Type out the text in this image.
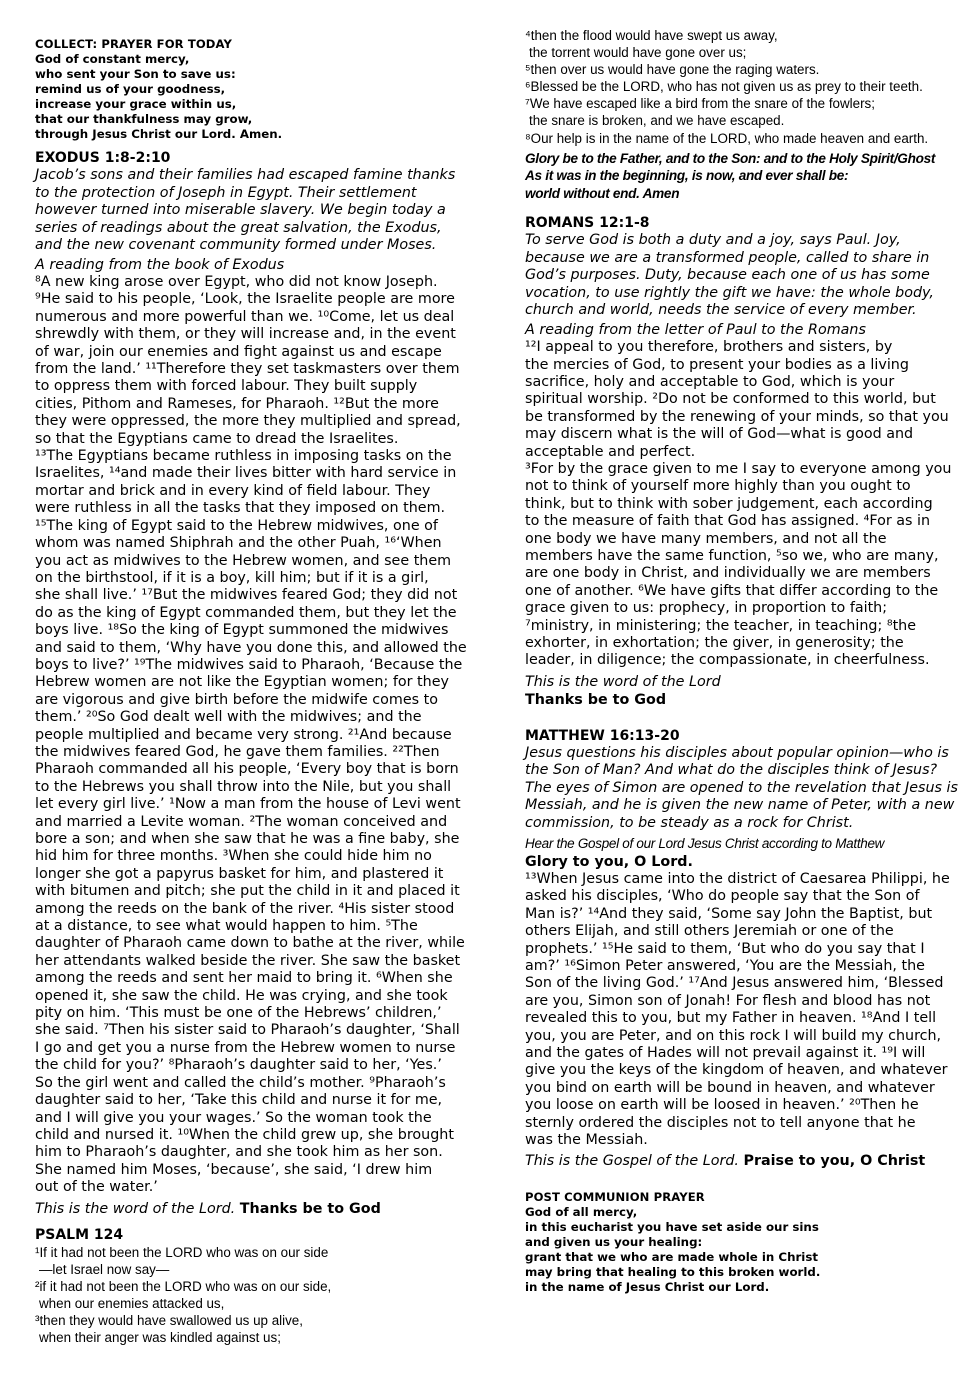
COLLECT: PRAYER FOR TODAY
God of constant mercy,
who sent your Son to save us:
remind us of your goodness,
increase your grace within us,
that our thankfulness may grow,
through Jesus Christ our Lord. Amen.
EXODUS 1:8-2:10
Jacob’s sons and their families had escaped famine thanks
to the protection of Joseph in Egypt. Their settlement
however turned into miserable slavery. We begin today a
series of readings about the great salvation, the Exodus,
and the new covenant community formed under Moses.
A reading from the book of Exodus
⁸A new king arose over Egypt, who did not know Joseph.
⁹He said to his people, ‘Look, the Israelite people are more
numerous and more powerful than we. ¹⁰Come, let us deal
shrewdly with them, or they will increase and, in the event
of war, join our enemies and fight against us and escape
from the land.’ ¹¹Therefore they set taskmasters over them
to oppress them with forced labour. They built supply
cities, Pithom and Rameses, for Pharaoh. ¹²But the more
they were oppressed, the more they multiplied and spread,
so that the Egyptians came to dread the Israelites.
¹³The Egyptians became ruthless in imposing tasks on the
Israelites, ¹⁴and made their lives bitter with hard service in
mortar and brick and in every kind of field labour. They
were ruthless in all the tasks that they imposed on them.
¹⁵The king of Egypt said to the Hebrew midwives, one of
whom was named Shiphrah and the other Puah, ¹⁶‘When
you act as midwives to the Hebrew women, and see them
on the birthstool, if it is a boy, kill him; but if it is a girl,
she shall live.’ ¹⁷But the midwives feared God; they did not
do as the king of Egypt commanded them, but they let the
boys live. ¹⁸So the king of Egypt summoned the midwives
and said to them, ‘Why have you done this, and allowed the
boys to live?’ ¹⁹The midwives said to Pharaoh, ‘Because the
Hebrew women are not like the Egyptian women; for they
are vigorous and give birth before the midwife comes to
them.’ ²⁰So God dealt well with the midwives; and the
people multiplied and became very strong. ²¹And because
the midwives feared God, he gave them families. ²²Then
Pharaoh commanded all his people, ‘Every boy that is born
to the Hebrews you shall throw into the Nile, but you shall
let every girl live.’ ¹Now a man from the house of Levi went
and married a Levite woman. ²The woman conceived and
bore a son; and when she saw that he was a fine baby, she
hid him for three months. ³When she could hide him no
longer she got a papyrus basket for him, and plastered it
with bitumen and pitch; she put the child in it and placed it
among the reeds on the bank of the river. ⁴His sister stood
at a distance, to see what would happen to him. ⁵The
daughter of Pharaoh came down to bathe at the river, while
her attendants walked beside the river. She saw the basket
among the reeds and sent her maid to bring it. ⁶When she
opened it, she saw the child. He was crying, and she took
pity on him. ‘This must be one of the Hebrews’ children,’
she said. ⁷Then his sister said to Pharaoh’s daughter, ‘Shall
I go and get you a nurse from the Hebrew women to nurse
the child for you?’ ⁸Pharaoh’s daughter said to her, ‘Yes.’
So the girl went and called the child’s mother. ⁹Pharaoh’s
daughter said to her, ‘Take this child and nurse it for me,
and I will give you your wages.’ So the woman took the
child and nursed it. ¹⁰When the child grew up, she brought
him to Pharaoh’s daughter, and she took him as her son.
She named him Moses, ‘because’, she said, ‘I drew him
out of the water.’
This is the word of the Lord. Thanks be to God
PSALM 124
¹If it had not been the LORD who was on our side
—let Israel now say—
²if it had not been the LORD who was on our side,
when our enemies attacked us,
³then they would have swallowed us up alive,
when their anger was kindled against us;
⁴then the flood would have swept us away,
the torrent would have gone over us;
⁵then over us would have gone the raging waters.
⁶Blessed be the LORD, who has not given us as prey to their teeth.
⁷We have escaped like a bird from the snare of the fowlers;
the snare is broken, and we have escaped.
⁸Our help is in the name of the LORD, who made heaven and earth.
Glory be to the Father, and to the Son: and to the Holy Spirit/Ghost
As it was in the beginning, is now, and ever shall be:
world without end. Amen
ROMANS 12:1-8
To serve God is both a duty and a joy, says Paul. Joy,
because we are a transformed people, called to share in
God’s purposes. Duty, because each one of us has some
vocation, to use rightly the gift we have: the whole body,
church and world, needs the service of every member.
A reading from the letter of Paul to the Romans
¹²I appeal to you therefore, brothers and sisters, by
the mercies of God, to present your bodies as a living
sacrifice, holy and acceptable to God, which is your
spiritual worship. ²Do not be conformed to this world, but
be transformed by the renewing of your minds, so that you
may discern what is the will of God—what is good and
acceptable and perfect.
³For by the grace given to me I say to everyone among you
not to think of yourself more highly than you ought to
think, but to think with sober judgement, each according
to the measure of faith that God has assigned. ⁴For as in
one body we have many members, and not all the
members have the same function, ⁵so we, who are many,
are one body in Christ, and individually we are members
one of another. ⁶We have gifts that differ according to the
grace given to us: prophecy, in proportion to faith;
⁷ministry, in ministering; the teacher, in teaching; ⁸the
exhorter, in exhortation; the giver, in generosity; the
leader, in diligence; the compassionate, in cheerfulness.
This is the word of the Lord
Thanks be to God
MATTHEW 16:13-20
Jesus questions his disciples about popular opinion—who is
the Son of Man? And what do the disciples think of Jesus?
The eyes of Simon are opened to the revelation that Jesus is
Messiah, and he is given the new name of Peter, with a new
commission, to be steady as a rock for Christ.
Hear the Gospel of our Lord Jesus Christ according to Matthew
Glory to you, O Lord.
¹³When Jesus came into the district of Caesarea Philippi, he
asked his disciples, ‘Who do people say that the Son of
Man is?’ ¹⁴And they said, ‘Some say John the Baptist, but
others Elijah, and still others Jeremiah or one of the
prophets.’ ¹⁵He said to them, ‘But who do you say that I
am?’ ¹⁶Simon Peter answered, ‘You are the Messiah, the
Son of the living God.’ ¹⁷And Jesus answered him, ‘Blessed
are you, Simon son of Jonah! For flesh and blood has not
revealed this to you, but my Father in heaven. ¹⁸And I tell
you, you are Peter, and on this rock I will build my church,
and the gates of Hades will not prevail against it. ¹⁹I will
give you the keys of the kingdom of heaven, and whatever
you bind on earth will be bound in heaven, and whatever
you loose on earth will be loosed in heaven.’ ²⁰Then he
sternly ordered the disciples not to tell anyone that he
was the Messiah.
This is the Gospel of the Lord. Praise to you, O Christ
POST COMMUNION PRAYER
God of all mercy,
in this eucharist you have set aside our sins
and given us your healing:
grant that we who are made whole in Christ
may bring that healing to this broken world.
in the name of Jesus Christ our Lord.
